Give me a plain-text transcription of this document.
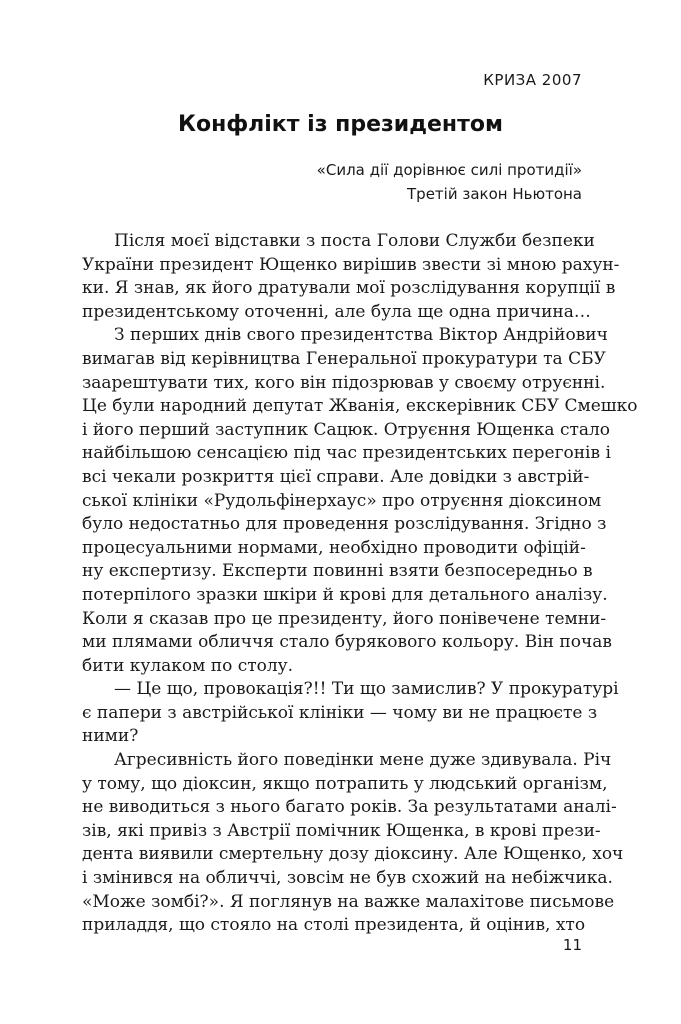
КРИЗА 2007
Конфлікт із президентом
«Сила дії дорівнює силі протидії»
Третій закон Ньютона
Після моєї відставки з поста Голови Служби безпеки
України президент Ющенко вирішив звести зі мною рахун-
ки. Я знав, як його дратували мої розслідування корупції в
президентському оточенні, але була ще одна причина…
З перших днів свого президентства Віктор Андрійович
вимагав від керівництва Генеральної прокуратури та СБУ
заарештувати тих, кого він підозрював у своєму отруєнні.
Це були народний депутат Жванія, екскерівник СБУ Смешко
і його перший заступник Сацюк. Отруєння Ющенка стало
найбільшою сенсацією під час президентських перегонів і
всі чекали розкриття цієї справи. Але довідки з австрій-
ської клініки «Рудольфінерхаус» про отруєння діоксином
було недостатньо для проведення розслідування. Згідно з
процесуальними нормами, необхідно проводити офіцій-
ну експертизу. Експерти повинні взяти безпосередньо в
потерпілого зразки шкіри й крові для детального аналізу.
Коли я сказав про це президенту, його понівечене темни-
ми плямами обличчя стало бурякового кольору. Він почав
бити кулаком по столу.
— Це що, провокація?!! Ти що замислив? У прокуратурі
є папери з австрійської клініки — чому ви не працюєте з
ними?
Агресивність його поведінки мене дуже здивувала. Річ
у тому, що діоксин, якщо потрапить у людський організм,
не виводиться з нього багато років. За результатами аналі-
зів, які привіз з Австрії помічник Ющенка, в крові прези-
дента виявили смертельну дозу діоксину. Але Ющенко, хоч
і змінився на обличчі, зовсім не був схожий на небіжчика.
«Може зомбі?». Я поглянув на важке малахітове письмове
приладдя, що стояло на столі президента, й оцінив, хто
11
